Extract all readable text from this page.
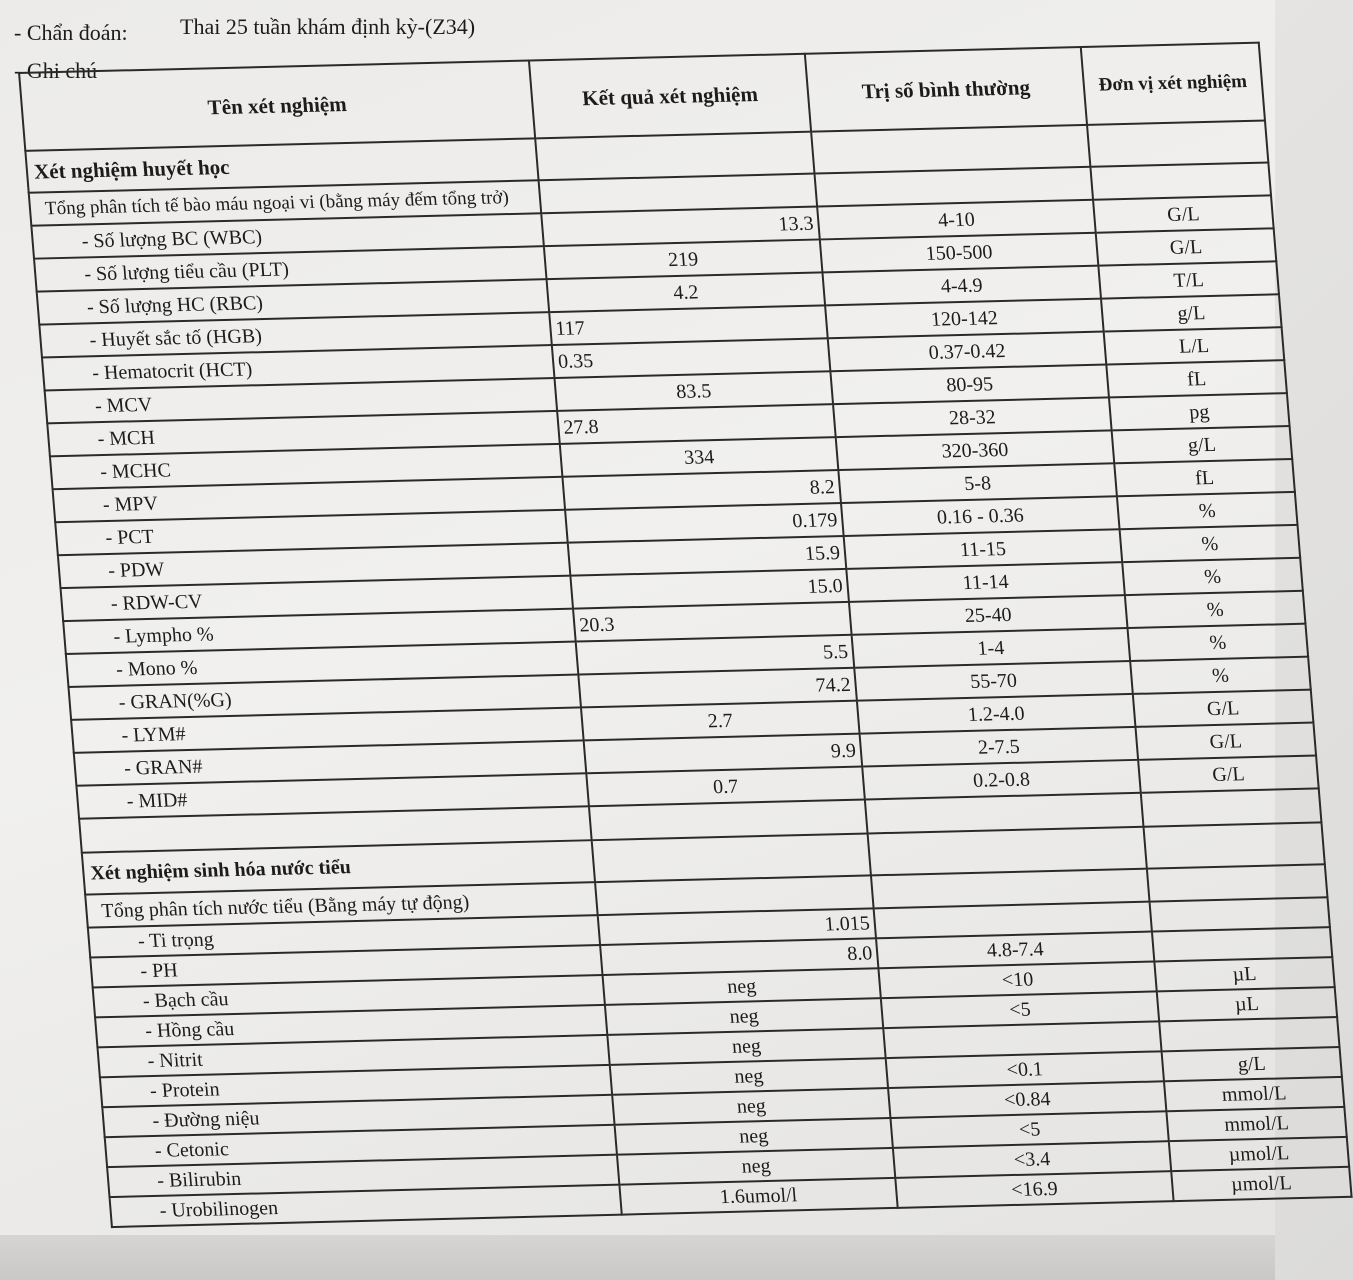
- Chẩn đoán: Thai 25 tuần khám định kỳ-(Z34)
- Ghi chú
Tên xét nghiệm	Kết quả xét nghiệm	Trị số bình thường	Đơn vị xét nghiệm
Xét nghiệm huyết học			
Tổng phân tích tế bào máu ngoại vi (bằng máy đếm tổng trở)			
- Số lượng BC (WBC)	13.3	4-10	G/L
- Số lượng tiểu cầu (PLT)	219	150-500	G/L
- Số lượng HC (RBC)	4.2	4-4.9	T/L
- Huyết sắc tố (HGB)	117	120-142	g/L
- Hematocrit (HCT)	0.35	0.37-0.42	L/L
- MCV	83.5	80-95	fL
- MCH	27.8	28-32	pg
- MCHC	334	320-360	g/L
- MPV	8.2	5-8	fL
- PCT	0.179	0.16 - 0.36	%
- PDW	15.9	11-15	%
- RDW-CV	15.0	11-14	%
- Lympho %	20.3	25-40	%
- Mono %	5.5	1-4	%
- GRAN(%G)	74.2	55-70	%
- LYM#	2.7	1.2-4.0	G/L
- GRAN#	9.9	2-7.5	G/L
- MID#	0.7	0.2-0.8	G/L

Xét nghiệm sinh hóa nước tiểu			
Tổng phân tích nước tiểu (Bằng máy tự động)			
- Ti trọng	1.015		
- PH	8.0	4.8-7.4	
- Bạch cầu	neg	<10	µL
- Hồng cầu	neg	<5	µL
- Nitrit	neg		
- Protein	neg	<0.1	g/L
- Đường niệu	neg	<0.84	mmol/L
- Cetonic	neg	<5	mmol/L
- Bilirubin	neg	<3.4	µmol/L
- Urobilinogen	1.6umol/l	<16.9	µmol/L
